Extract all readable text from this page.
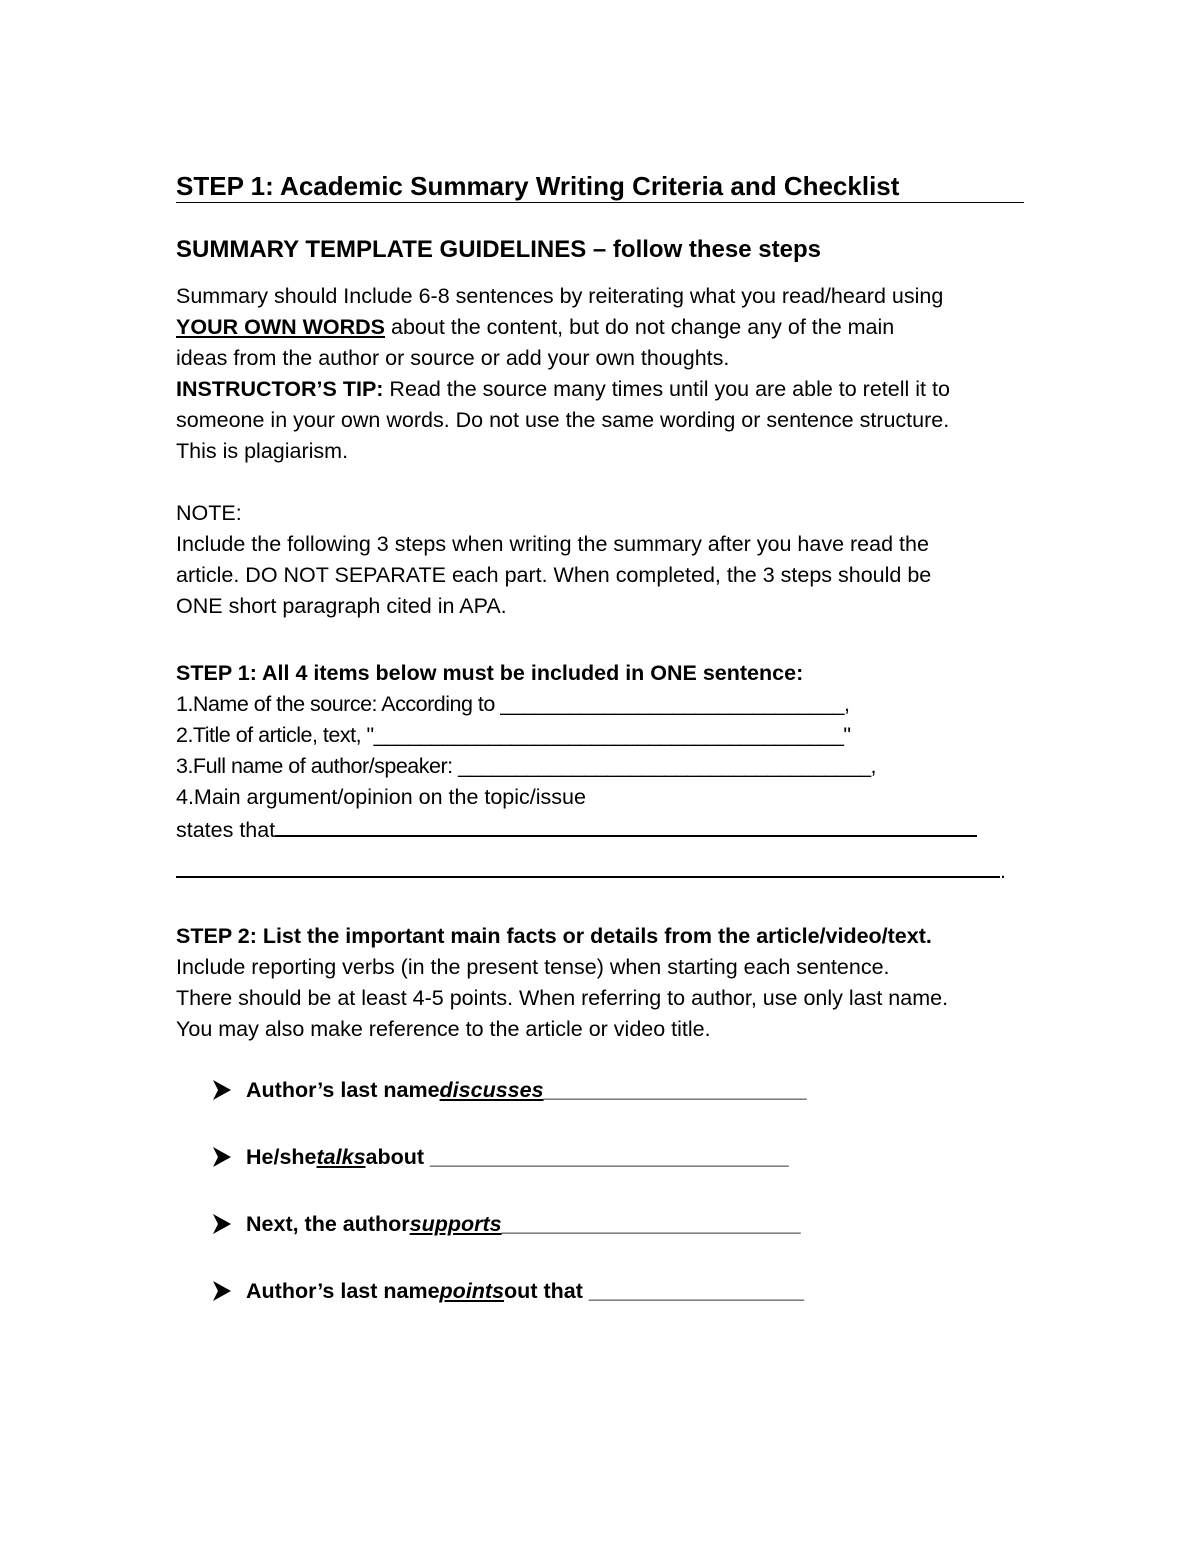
STEP 1: Academic Summary Writing Criteria and Checklist
SUMMARY TEMPLATE GUIDELINES – follow these steps

Summary should Include 6-8 sentences by reiterating what you read/heard using

YOUR OWN WORDS about the content, but do not change any of the main

ideas from the author or source or add your own thoughts.

INSTRUCTOR’S TIP: Read the source many times until you are able to retell it to

someone in your own words. Do not use the same wording or sentence structure.

This is plagiarism.

NOTE:

Include the following 3 steps when writing the summary after you have read the

article. DO NOT SEPARATE each part. When completed, the 3 steps should be

ONE short paragraph cited in APA.

STEP 1: All 4 items below must be included in ONE sentence:

1.Name of the source: According to ______________________________,

2.Title of article, text, "_________________________________________"

3.Full name of author/speaker: ____________________________________,

4.Main argument/opinion on the topic/issue

states that

.

STEP 2: List the important main facts or details from the article/video/text.

Include reporting verbs (in the present tense) when starting each sentence.

There should be at least 4-5 points. When referring to author, use only last name.

You may also make reference to the article or video title.

Author’s last name discusses ______________________
He/she talks about ______________________________
Next, the author supports _________________________
Author’s last name points out that __________________
